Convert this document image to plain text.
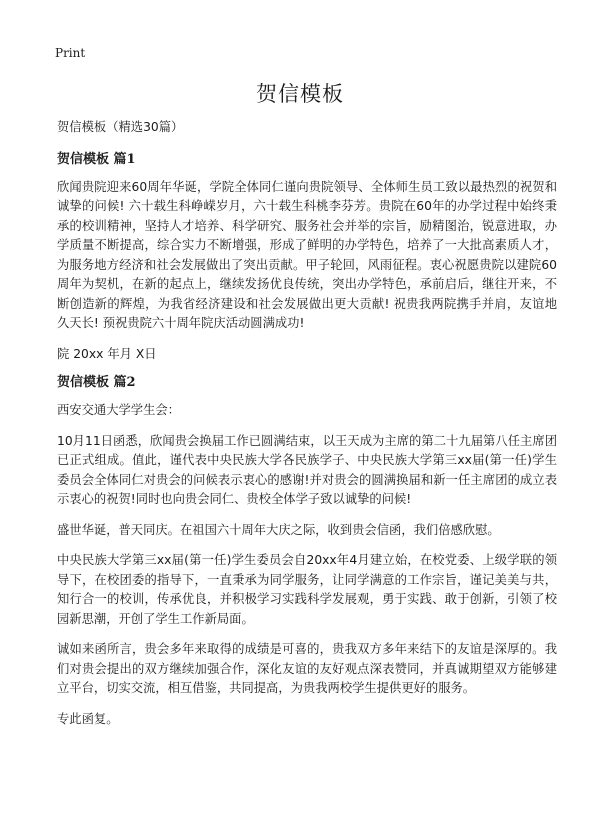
Print
贺信模板

贺信模板（精选30篇）

贺信模板 篇1

欣闻贵院迎来60周年华诞，学院全体同仁谨向贵院领导、全体师生员工致以最热烈的祝贺和诚挚的问候! 六十载生科峥嵘岁月，六十载生科桃李芬芳。贵院在60年的办学过程中始终秉承的校训精神，坚持人才培养、科学研究、服务社会并举的宗旨，励精图治，锐意进取，办学质量不断提高，综合实力不断增强，形成了鲜明的办学特色，培养了一大批高素质人才，为服务地方经济和社会发展做出了突出贡献。甲子轮回，风雨征程。衷心祝愿贵院以建院60周年为契机，在新的起点上，继续发扬优良传统，突出办学特色，承前启后，继往开来，不断创造新的辉煌，为我省经济建设和社会发展做出更大贡献! 祝贵我两院携手并肩，友谊地久天长! 预祝贵院六十周年院庆活动圆满成功!

院 20xx 年月 X日

贺信模板 篇2

西安交通大学学生会：

10月11日函悉，欣闻贵会换届工作已圆满结束，以王天成为主席的第二十九届第八任主席团已正式组成。值此，谨代表中央民族大学各民族学子、中央民族大学第三xx届(第一任)学生委员会全体同仁对贵会的问候表示衷心的感谢!并对贵会的圆满换届和新一任主席团的成立表示衷心的祝贺!同时也向贵会同仁、贵校全体学子致以诚挚的问候!

盛世华诞，普天同庆。在祖国六十周年大庆之际，收到贵会信函，我们倍感欣慰。

中央民族大学第三xx届(第一任)学生委员会自20xx年4月建立始，在校党委、上级学联的领导下，在校团委的指导下，一直秉承为同学服务，让同学满意的工作宗旨，谨记美美与共，知行合一的校训，传承优良，并积极学习实践科学发展观，勇于实践、敢于创新，引领了校园新思潮，开创了学生工作新局面。

诚如来函所言，贵会多年来取得的成绩是可喜的，贵我双方多年来结下的友谊是深厚的。我们对贵会提出的双方继续加强合作，深化友谊的友好观点深表赞同，并真诚期望双方能够建立平台，切实交流，相互借鉴，共同提高，为贵我两校学生提供更好的服务。

专此函复。
